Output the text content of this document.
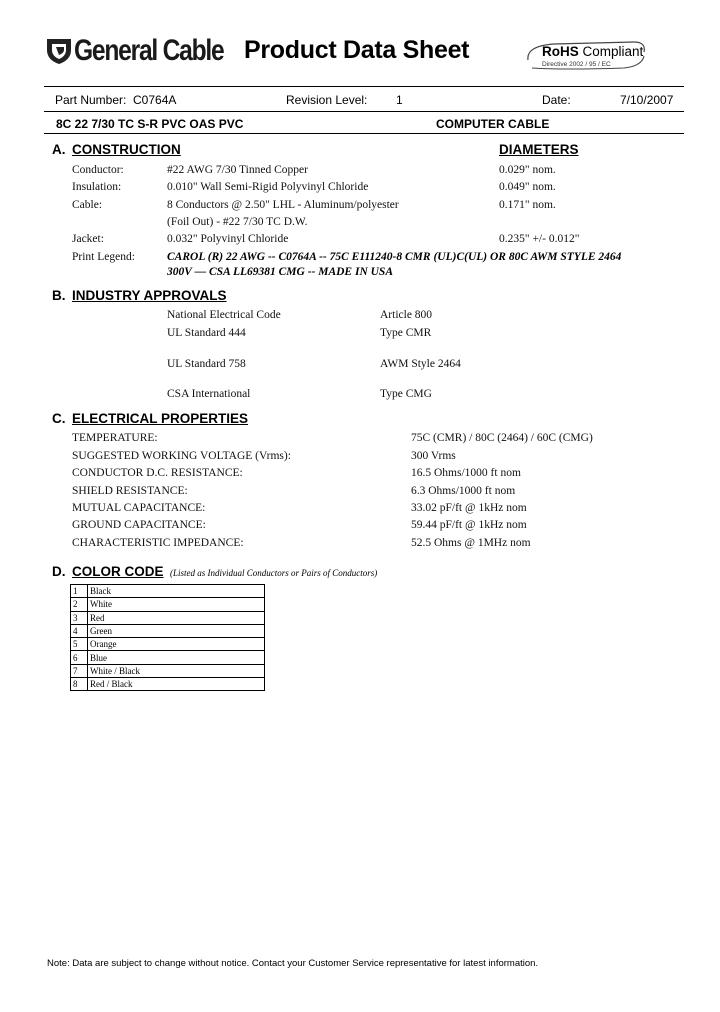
General Cable Product Data Sheet	RoHS Compliant
Directive 2002 / 95 / EC
Part Number: C0764A	Revision Level: 1	Date:	7/10/2007
8C 22 7/30 TC S-R PVC OAS PVC	COMPUTER CABLE
A. CONSTRUCTION	DIAMETERS
Conductor:	#22 AWG 7/30 Tinned Copper	0.029" nom.
Insulation:	0.010" Wall Semi-Rigid Polyvinyl Chloride	0.049" nom.
Cable:	8 Conductors @ 2.50" LHL - Aluminum/polyester	0.171" nom.
(Foil Out) - #22 7/30 TC D.W.
Jacket:	0.032" Polyvinyl Chloride	0.235" +/- 0.012"
Print Legend:	CAROL (R) 22 AWG -- C0764A -- 75C E111240-8 CMR (UL)C(UL) OR 80C AWM STYLE 2464
300V — CSA LL69381 CMG -- MADE IN USA
B. INDUSTRY APPROVALS
National Electrical Code	Article 800
UL Standard 444	Type CMR
UL Standard 758	AWM Style 2464
CSA International	Type CMG
C. ELECTRICAL PROPERTIES
TEMPERATURE:	75C (CMR) / 80C (2464) / 60C (CMG)
SUGGESTED WORKING VOLTAGE (Vrms):	300 Vrms
CONDUCTOR D.C. RESISTANCE:	16.5 Ohms/1000 ft nom
SHIELD RESISTANCE:	6.3 Ohms/1000 ft nom
MUTUAL CAPACITANCE:	33.02 pF/ft @ 1kHz nom
GROUND CAPACITANCE:	59.44 pF/ft @ 1kHz nom
CHARACTERISTIC IMPEDANCE:	52.5 Ohms @ 1MHz nom
D. COLOR CODE (Listed as Individual Conductors or Pairs of Conductors)
1	Black
2	White
3	Red
4	Green
5	Orange
6	Blue
7	White / Black
8	Red / Black
Note: Data are subject to change without notice. Contact your Customer Service representative for latest information.
